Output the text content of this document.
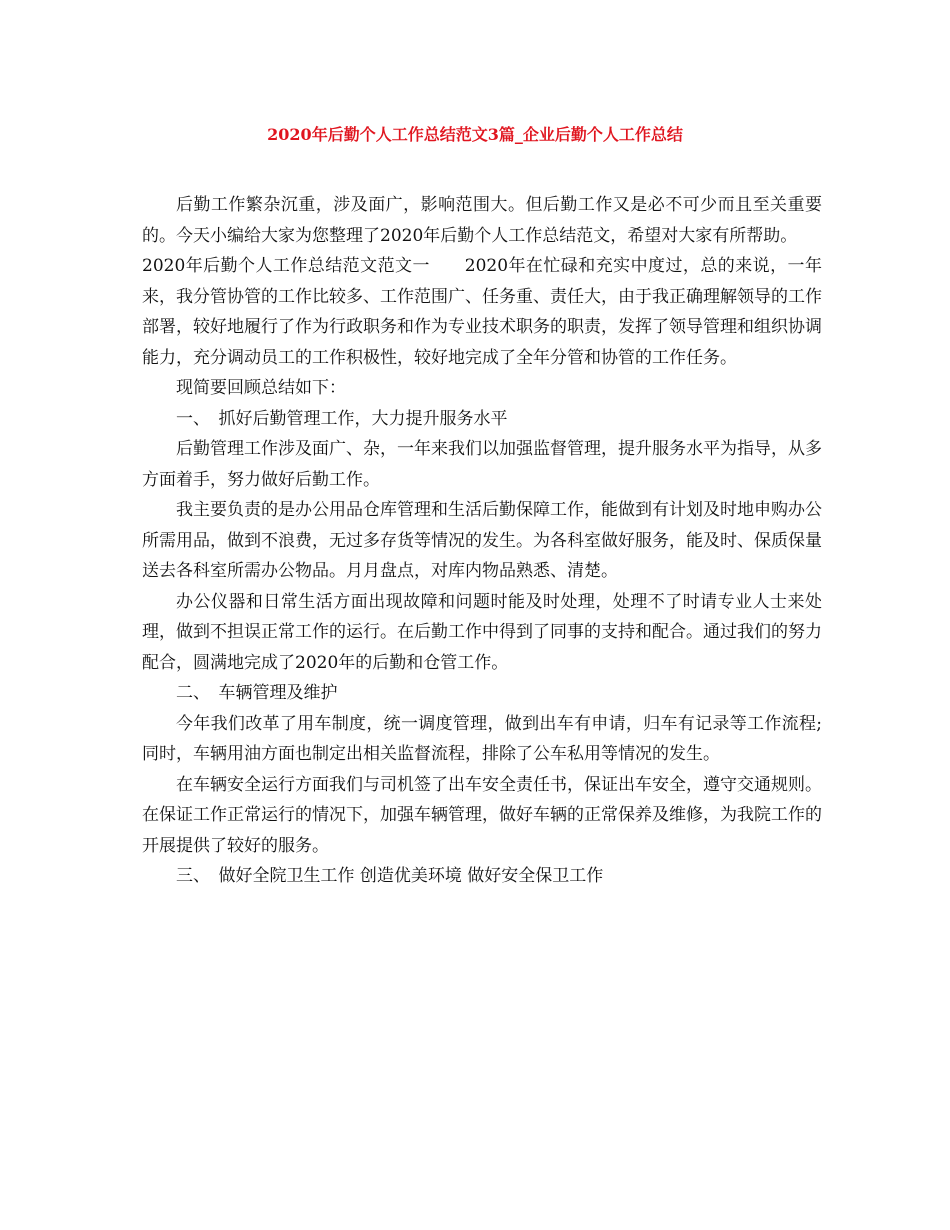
2020年后勤个人工作总结范文3篇_企业后勤个人工作总结

后勤工作繁杂沉重，涉及面广，影响范围大。但后勤工作又是必不可少而且至关重要的。今天小编给大家为您整理了2020年后勤个人工作总结范文，希望对大家有所帮助。

2020年后勤个人工作总结范文范文一　　2020年在忙碌和充实中度过，总的来说，一年来，我分管协管的工作比较多、工作范围广、任务重、责任大，由于我正确理解领导的工作部署，较好地履行了作为行政职务和作为专业技术职务的职责，发挥了领导管理和组织协调能力，充分调动员工的工作积极性，较好地完成了全年分管和协管的工作任务。

现简要回顾总结如下：

一、　抓好后勤管理工作，大力提升服务水平

后勤管理工作涉及面广、杂，一年来我们以加强监督管理，提升服务水平为指导，从多方面着手，努力做好后勤工作。

我主要负责的是办公用品仓库管理和生活后勤保障工作，能做到有计划及时地申购办公所需用品，做到不浪费，无过多存货等情况的发生。为各科室做好服务，能及时、保质保量送去各科室所需办公物品。月月盘点，对库内物品熟悉、清楚。

办公仪器和日常生活方面出现故障和问题时能及时处理，处理不了时请专业人士来处理，做到不担误正常工作的运行。在后勤工作中得到了同事的支持和配合。通过我们的努力配合，圆满地完成了2020年的后勤和仓管工作。

二、　车辆管理及维护

今年我们改革了用车制度，统一调度管理，做到出车有申请，归车有记录等工作流程;同时，车辆用油方面也制定出相关监督流程，排除了公车私用等情况的发生。

在车辆安全运行方面我们与司机签了出车安全责任书，保证出车安全，遵守交通规则。在保证工作正常运行的情况下，加强车辆管理，做好车辆的正常保养及维修，为我院工作的开展提供了较好的服务。

三、　做好全院卫生工作 创造优美环境 做好安全保卫工作
